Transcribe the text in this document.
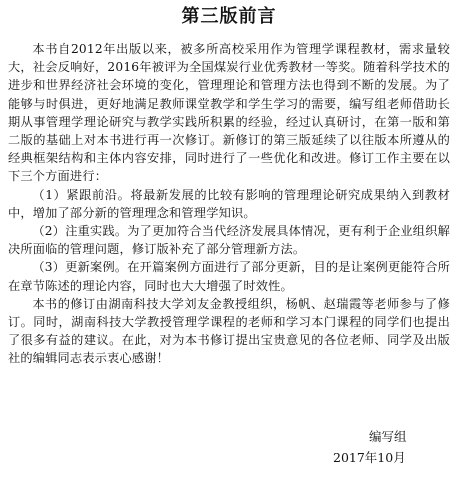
第三版前言

本书自2012年出版以来，被多所高校采用作为管理学课程教材，需求量较大，社会反响好，2016年被评为全国煤炭行业优秀教材一等奖。随着科学技术的进步和世界经济社会环境的变化，管理理论和管理方法也得到不断的发展。为了能够与时俱进，更好地满足教师课堂教学和学生学习的需要，编写组老师借助长期从事管理学理论研究与教学实践所积累的经验，经过认真研讨，在第一版和第二版的基础上对本书进行再一次修订。新修订的第三版延续了以往版本所遵从的经典框架结构和主体内容安排，同时进行了一些优化和改进。修订工作主要在以下三个方面进行：

（1）紧跟前沿。将最新发展的比较有影响的管理理论研究成果纳入到教材中，增加了部分新的管理理念和管理学知识。

（2）注重实践。为了更加符合当代经济发展具体情况，更有利于企业组织解决所面临的管理问题，修订版补充了部分管理新方法。

（3）更新案例。在开篇案例方面进行了部分更新，目的是让案例更能符合所在章节陈述的理论内容，同时也大大增强了时效性。

本书的修订由湖南科技大学刘友金教授组织，杨帆、赵瑞霞等老师参与了修订。同时，湖南科技大学教授管理学课程的老师和学习本门课程的同学们也提出了很多有益的建议。在此，对为本书修订提出宝贵意见的各位老师、同学及出版社的编辑同志表示衷心感谢！

编写组
2017年10月
